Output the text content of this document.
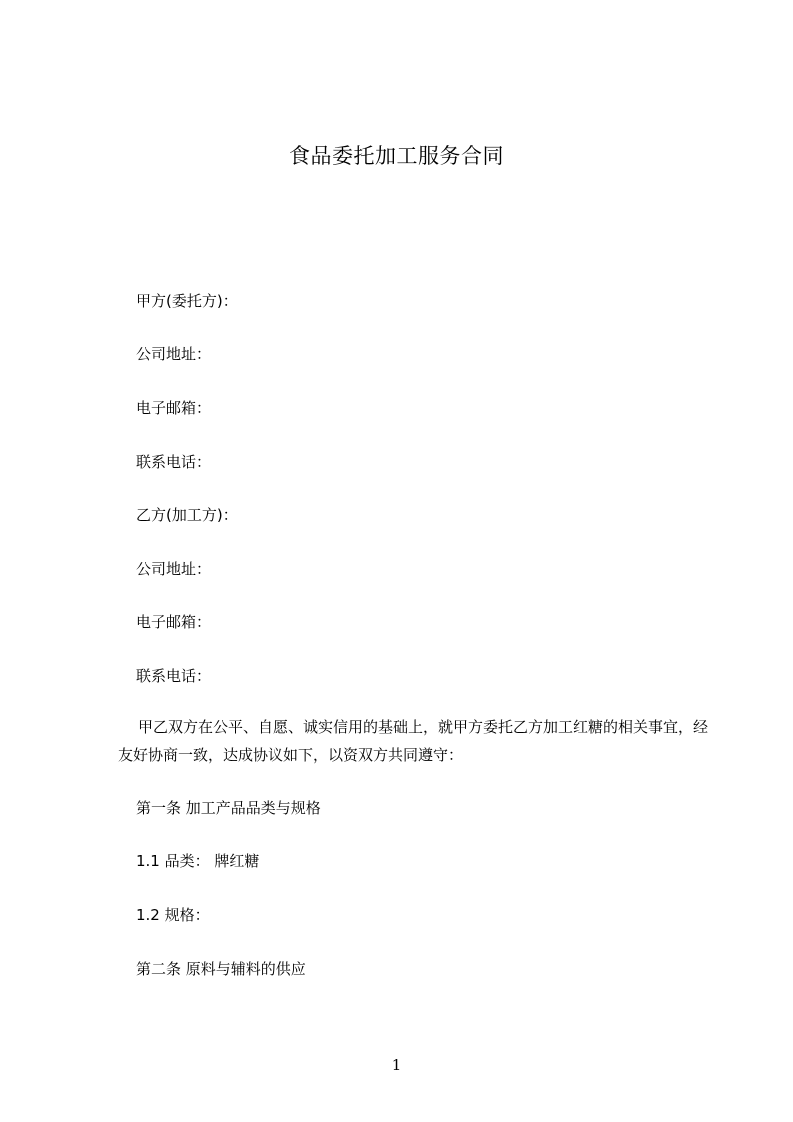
食品委托加工服务合同
甲方(委托方)：
公司地址：
电子邮箱：
联系电话：
乙方(加工方)：
公司地址：
电子邮箱：
联系电话：
甲乙双方在公平、自愿、诚实信用的基础上，就甲方委托乙方加工红糖的相关事宜，经友好协商一致，达成协议如下，以资双方共同遵守：
第一条 加工产品品类与规格
1.1 品类： 牌红糖
1.2 规格：
第二条 原料与辅料的供应
1
